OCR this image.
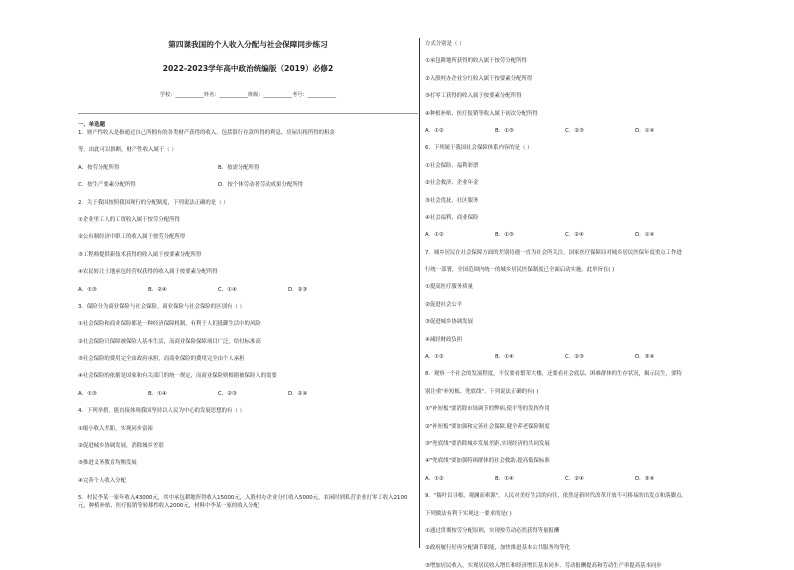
第四课我国的个人收入分配与社会保障同步练习
2022-2023学年高中政治统编版（2019）必修2
学校：___________姓名：___________班级：___________考号：___________
一、单选题
1．财产性收入是指通过自己所拥有的各类财产获得的收入，包括银行存款所得的利息、房屋出租所得的租金
等。由此可以推断，财产性收入属于（ ）
A．按劳分配所得	B．按需分配所得
C．按生产要素分配所得	D．按个体劳动者劳动成果分配所得
2．关于我国按照我国现行的分配制度，下列说法正确的是（ ）
①企业里工人的工资收入属于按劳分配所得
②公有制经济中职工的收入属于按劳分配所得
③工程师提供新技术获得的收入属于按要素分配所得
④农民转让土地承包经营权获得的收入属于按要素分配所得
A．①③	B．②④	C．①④	D．②③
3．保险分为商业保险与社会保险。商业保险与社会保险的区别有（ ）
①社会保险和商业保险都是一种经济保障机制，有利于人们抵御生活中的风险
②社会保险只保障被保险人基本生活，而商业保险保障项目广泛，给付标准高
③社会保险的费用完全由政府承担，而商业保险的费用完全由个人承担
④社会保险的依据是国家和有关部门的统一规定，而商业保险则根据被保险人的需要
A．①③	B．①④	C．②③	D．②④
4．下列举措，能直接体现我国坚持以人民为中心的发展思想的有（ ）
①缩小收入差距，实现同步富裕
②促进城乡协调发展，消除城乡差别
③推进义务教育均衡发展
④完善个人收入分配
5．村民李某一家年收入43000元，其中承包耕地所得收入15000元，入股村办企业分红收入5000元，农闲时到私营企业打零工收入2100元，种植补贴、医疗报销等转移性收入2000元，材料中李某一家的收入分配
方式分别是（ ）
①承包耕地所获得的收入属于按劳分配所得
②入股村办企业分红收入属于按要素分配所得
③打零工获得的收入属于按要素分配所得
④种植补贴、医疗报销等收入属于初次分配所得
A．①②	B．①③	C．②③	D．①④
6．下列属于我国社会保障体系内容的是（ ）
①社会保险、福利彩票
②社会救济、企业年金
③社会优抚、社区服务
④社会福利、商业保险
A．①②	B．①③	C．②④	D．①④
7．城乡居民在社会保障方面的差别待遇一直为社会所关注。国家医疗保障局对城乡居民医保年度重点工作进
行统一部署，全国范围内统一的城乡居民医保制度已全面启动实施。此举旨在( )
①提高医疗服务质量
②促进社会公平
③促进城乡协调发展
④减轻财政负担
A．①②	B．①④	C．②③	D．③④
8．观察一个社会的发展程度，不仅要看繁荣大楼，还要看社会底层、困难群体的生存状况，揭示民生，要特
别注重"补短板、兜底线"。下列说法正确的有( )
①"补短板"要消除市场调节的弊病,使平等的发挥作用
②"补短板"要加强和完善社会保障,健全养老保险制度
③"兜底线"要消除城乡发展差距,实现经济的共同发展
④"兜底线"要加强特困群体的社会救助,提高低保标准
A．①②	B．①④	C．②④	D．③④
9．"揣叶以寻根，观澜而索源"。人民对美好生活的向往，依然是新时代改革开放不可移易的出发点和落脚点。
下列做法有利于实现这一要求的是( )
①通过贯彻按劳分配原则，实现按劳动必然获得等量报酬
②政府履行好再分配调节职能，加快推进基本公共服务均等化
③增加居民收入，实现居民收入增长和经济增长基本同步、劳动报酬提高和劳动生产率提高基本同步
